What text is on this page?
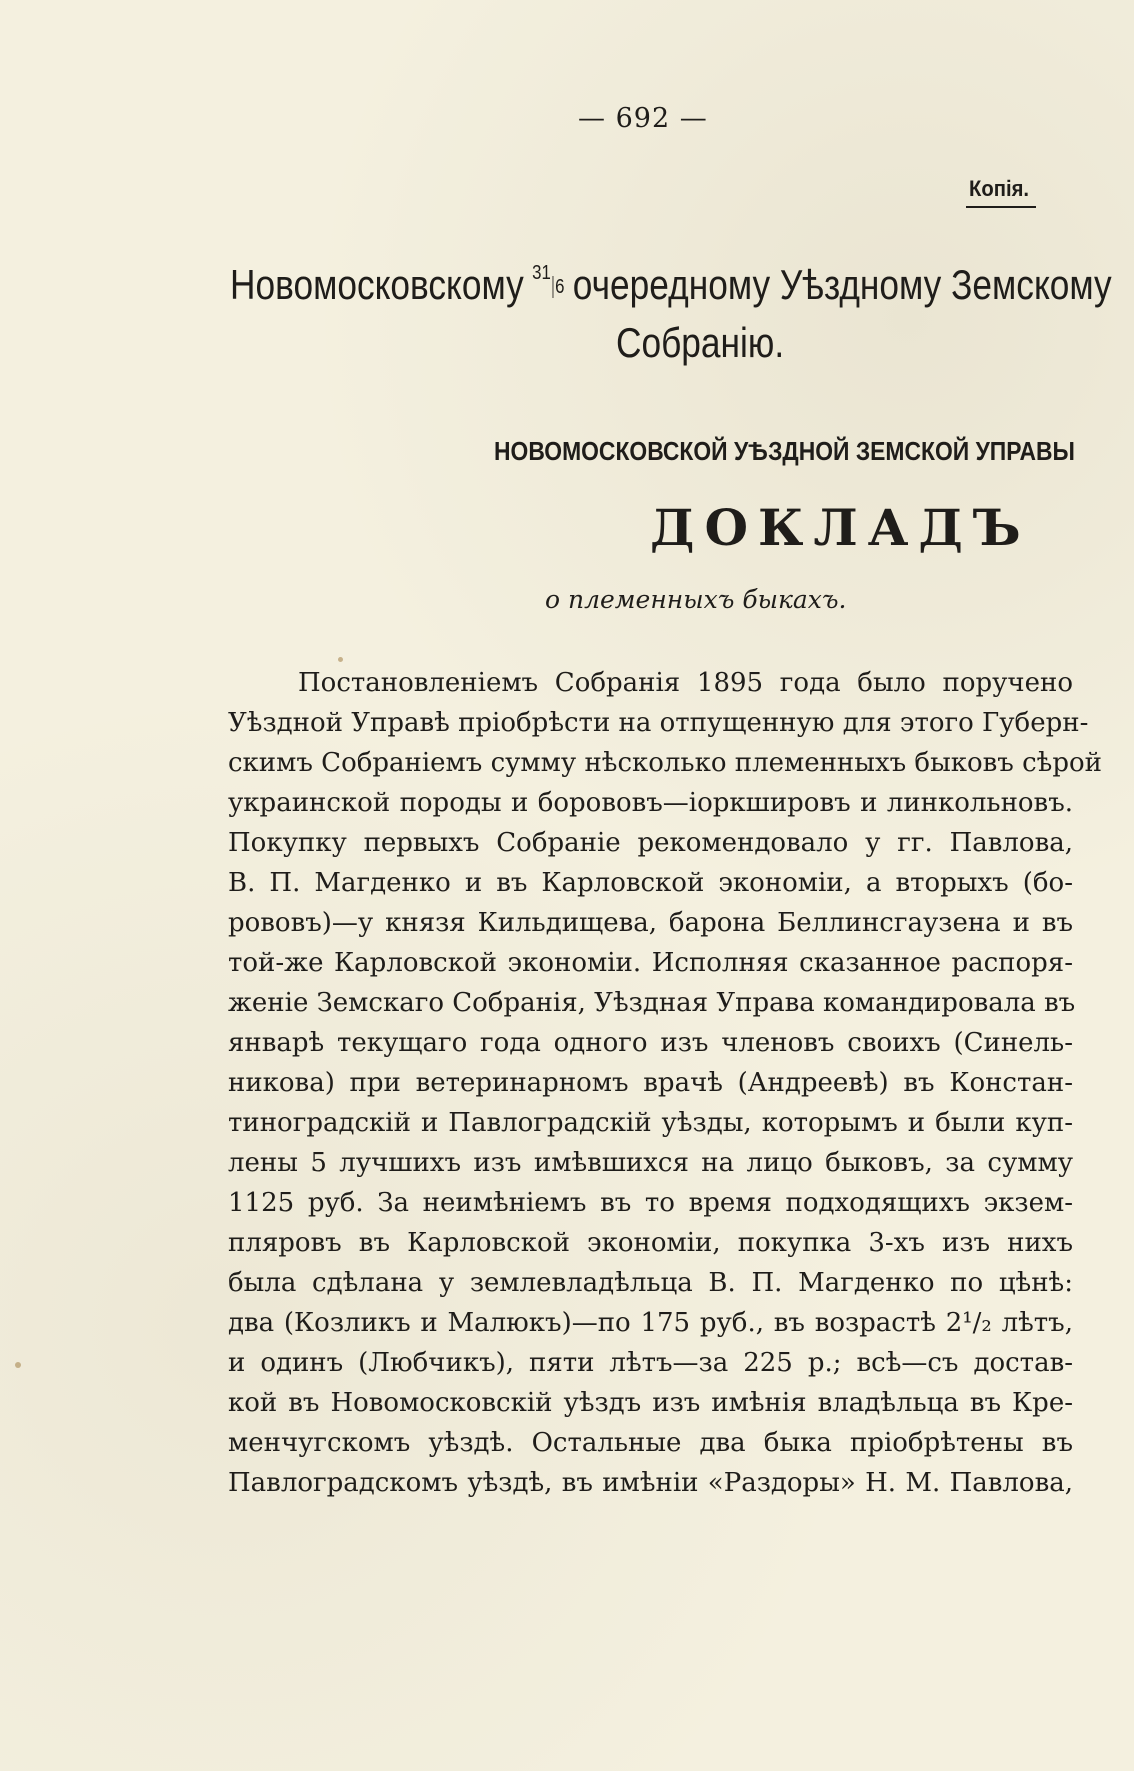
— 692 —
Копія.
Новомосковскому 316 очередному Уѣздному Земскому
Собранію.
НОВОМОСКОВСКОЙ УѢЗДНОЙ ЗЕМСКОЙ УПРАВЫ
ДОКЛАДЪ
о племенныхъ быкахъ.
Постановленіемъ Собранія 1895 года было поручено
Уѣздной Управѣ пріобрѣсти на отпущенную для этого Губерн-
скимъ Собраніемъ сумму нѣсколько племенныхъ быковъ сѣрой
украинской породы и борововъ—іоркшировъ и линкольновъ.
Покупку первыхъ Собраніе рекомендовало у гг. Павлова,
В. П. Магденко и въ Карловской экономіи, а вторыхъ (бо-
рововъ)—у князя Кильдищева, барона Беллинсгаузена и въ
той-же Карловской экономіи. Исполняя сказанное распоря-
женіе Земскаго Собранія, Уѣздная Управа командировала въ
январѣ текущаго года одного изъ членовъ своихъ (Синель-
никова) при ветеринарномъ врачѣ (Андреевѣ) въ Констан-
тиноградскій и Павлоградскій уѣзды, которымъ и были куп-
лены 5 лучшихъ изъ имѣвшихся на лицо быковъ, за сумму
1125 руб. За неимѣніемъ въ то время подходящихъ экзем-
пляровъ въ Карловской экономіи, покупка 3-хъ изъ нихъ
была сдѣлана у землевладѣльца В. П. Магденко по цѣнѣ:
два (Козликъ и Малюкъ)—по 175 руб., въ возрастѣ 2¹/₂ лѣтъ,
и одинъ (Любчикъ), пяти лѣтъ—за 225 р.; всѣ—съ достав-
кой въ Новомосковскій уѣздъ изъ имѣнія владѣльца въ Кре-
менчугскомъ уѣздѣ. Остальные два быка пріобрѣтены въ
Павлоградскомъ уѣздѣ, въ имѣніи «Раздоры» Н. М. Павлова,
